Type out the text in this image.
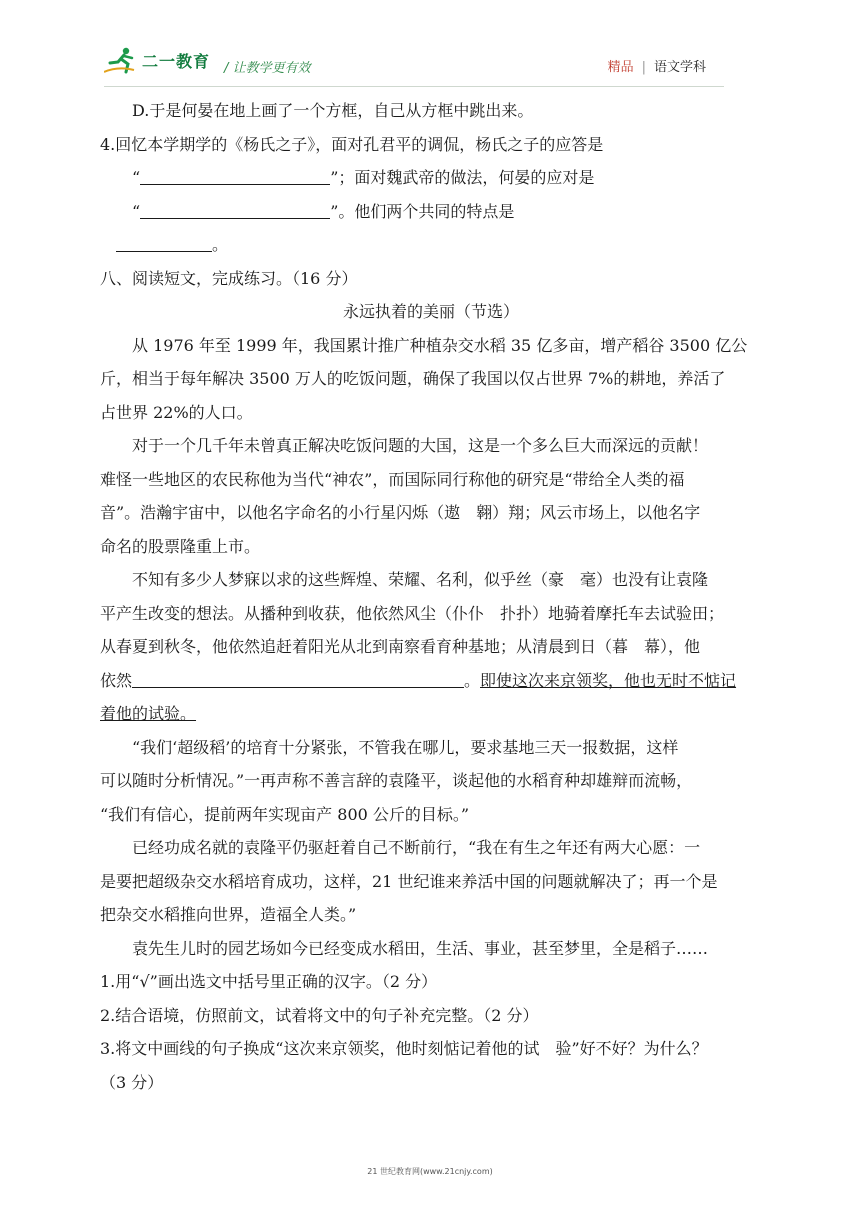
二一教育 / 让教学更有效	精品 | 语文学科
D.于是何晏在地上画了一个方框，自己从方框中跳出来。
4.回忆本学期学的《杨氏之子》，面对孔君平的调侃，杨氏之子的应答是
“	”；面对魏武帝的做法，何晏的应对是
“	”。他们两个共同的特点是
。
八、阅读短文，完成练习。（16 分）
永远执着的美丽（节选）
从 1976 年至 1999 年，我国累计推广种植杂交水稻 35 亿多亩，增产稻谷 3500 亿公
斤，相当于每年解决 3500 万人的吃饭问题，确保了我国以仅占世界 7%的耕地，养活了
占世界 22%的人口。
对于一个几千年未曾真正解决吃饭问题的大国，这是一个多么巨大而深远的贡献！
难怪一些地区的农民称他为当代“神农”，而国际同行称他的研究是“带给全人类的福
音”。浩瀚宇宙中，以他名字命名的小行星闪烁（遨　翱）翔；风云市场上，以他名字
命名的股票隆重上市。
不知有多少人梦寐以求的这些辉煌、荣耀、名利，似乎丝（豪　毫）也没有让袁隆
平产生改变的想法。从播种到收获，他依然风尘（仆仆　扑扑）地骑着摩托车去试验田；
从春夏到秋冬，他依然追赶着阳光从北到南察看育种基地；从清晨到日（暮　幕），他
依然	。即使这次来京领奖，他也无时不惦记
着他的试验。
“我们‘超级稻’的培育十分紧张，不管我在哪儿，要求基地三天一报数据，这样
可以随时分析情况。”一再声称不善言辞的袁隆平，谈起他的水稻育种却雄辩而流畅，
“我们有信心，提前两年实现亩产 800 公斤的目标。”
已经功成名就的袁隆平仍驱赶着自己不断前行，“我在有生之年还有两大心愿：一
是要把超级杂交水稻培育成功，这样，21 世纪谁来养活中国的问题就解决了；再一个是
把杂交水稻推向世界，造福全人类。”
袁先生儿时的园艺场如今已经变成水稻田，生活、事业，甚至梦里，全是稻子……
1.用“√”画出选文中括号里正确的汉字。（2 分）
2.结合语境，仿照前文，试着将文中的句子补充完整。（2 分）
3.将文中画线的句子换成“这次来京领奖，他时刻惦记着他的试　验”好不好？为什么？
（3 分）
21 世纪教育网(www.21cnjy.com)
